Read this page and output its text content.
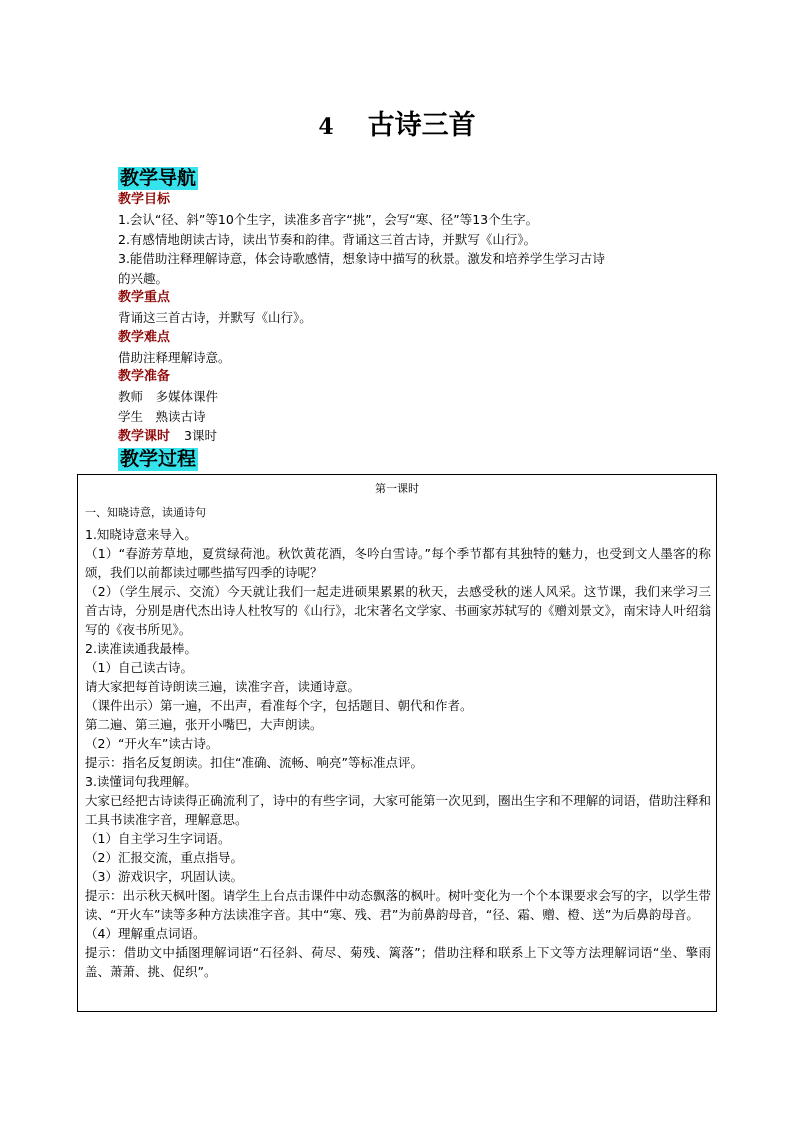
4 古诗三首
教学导航
教学目标
1.会认“径、斜”等10个生字，读准多音字“挑”，会写“寒、径”等13个生字。
2.有感情地朗读古诗，读出节奏和韵律。背诵这三首古诗，并默写《山行》。
3.能借助注释理解诗意，体会诗歌感情，想象诗中描写的秋景。激发和培养学生学习古诗
的兴趣。
教学重点
背诵这三首古诗，并默写《山行》。
教学难点
借助注释理解诗意。
教学准备
教师　多媒体课件
学生　熟读古诗
教学课时 3课时
教学过程
第一课时

一、知晓诗意，读通诗句

1.知晓诗意来导入。

（1）“春游芳草地，夏赏绿荷池。秋饮黄花酒，冬吟白雪诗。”每个季节都有其独特的魅力，也受到文人墨客的称颂，我们以前都读过哪些描写四季的诗呢？

（2）（学生展示、交流）今天就让我们一起走进硕果累累的秋天，去感受秋的迷人风采。这节课，我们来学习三首古诗，分别是唐代杰出诗人杜牧写的《山行》，北宋著名文学家、书画家苏轼写的《赠刘景文》，南宋诗人叶绍翁写的《夜书所见》。

2.读准读通我最棒。

（1）自己读古诗。

请大家把每首诗朗读三遍，读准字音，读通诗意。

（课件出示）第一遍，不出声，看准每个字，包括题目、朝代和作者。

第二遍、第三遍，张开小嘴巴，大声朗读。

（2）“开火车”读古诗。

提示：指名反复朗读。扣住“准确、流畅、响亮”等标准点评。

3.读懂词句我理解。

大家已经把古诗读得正确流利了，诗中的有些字词，大家可能第一次见到，圈出生字和不理解的词语，借助注释和工具书读准字音，理解意思。

（1）自主学习生字词语。

（2）汇报交流，重点指导。

（3）游戏识字，巩固认读。

提示：出示秋天枫叶图。请学生上台点击课件中动态飘落的枫叶。树叶变化为一个个本课要求会写的字，以学生带读、“开火车”读等多种方法读准字音。其中“寒、残、君”为前鼻韵母音，“径、霜、赠、橙、送”为后鼻韵母音。

（4）理解重点词语。

提示：借助文中插图理解词语“石径斜、荷尽、菊残、篱落”；借助注释和联系上下文等方法理解词语“坐、擎雨盖、萧萧、挑、促织”。
